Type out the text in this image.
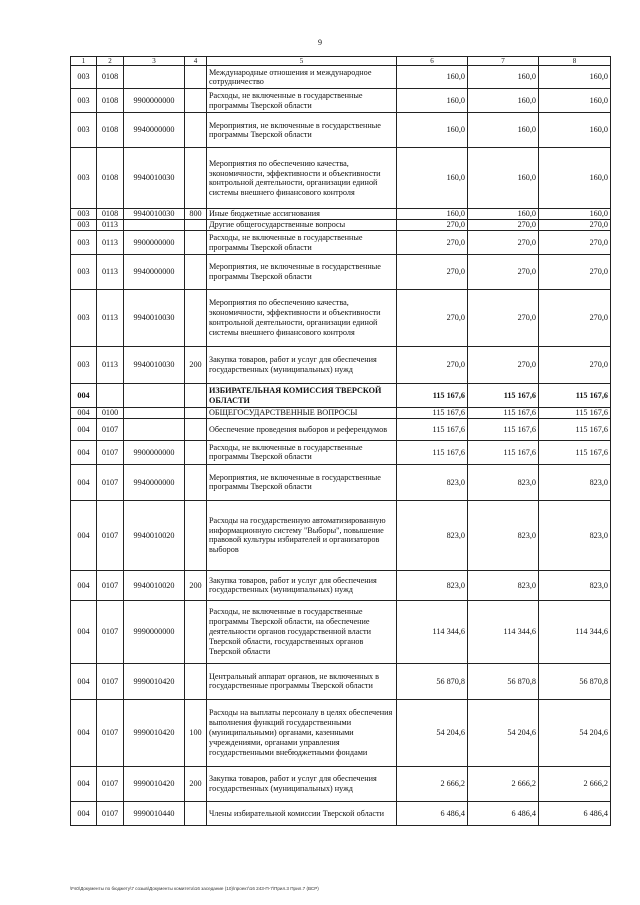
9
1	2	3	4	5	6	7	8
003	0108			Международные отношения и международное сотрудничество	160,0	160,0	160,0
003	0108	9900000000		Расходы, не включенные в государственные программы Тверской области	160,0	160,0	160,0
003	0108	9940000000		Мероприятия, не включенные в государственные программы Тверской области	160,0	160,0	160,0
003	0108	9940010030		Мероприятия по обеспечению качества, экономичности, эффективности и объективности контрольной деятельности, организации единой системы внешнего финансового контроля	160,0	160,0	160,0
003	0108	9940010030	800	Иные бюджетные ассигнования	160,0	160,0	160,0
003	0113			Другие общегосударственные вопросы	270,0	270,0	270,0
003	0113	9900000000		Расходы, не включенные в государственные программы Тверской области	270,0	270,0	270,0
003	0113	9940000000		Мероприятия, не включенные в государственные программы Тверской области	270,0	270,0	270,0
003	0113	9940010030		Мероприятия по обеспечению качества, экономичности, эффективности и объективности контрольной деятельности, организации единой системы внешнего финансового контроля	270,0	270,0	270,0
003	0113	9940010030	200	Закупка товаров, работ и услуг для обеспечения государственных (муниципальных) нужд	270,0	270,0	270,0
004				ИЗБИРАТЕЛЬНАЯ КОМИССИЯ ТВЕРСКОЙ ОБЛАСТИ	115 167,6	115 167,6	115 167,6
004	0100			ОБЩЕГОСУДАРСТВЕННЫЕ ВОПРОСЫ	115 167,6	115 167,6	115 167,6
004	0107			Обеспечение проведения выборов и референдумов	115 167,6	115 167,6	115 167,6
004	0107	9900000000		Расходы, не включенные в государственные программы Тверской области	115 167,6	115 167,6	115 167,6
004	0107	9940000000		Мероприятия, не включенные в государственные программы Тверской области	823,0	823,0	823,0
004	0107	9940010020		Расходы на государственную автоматизированную информационную систему "Выборы", повышение правовой культуры избирателей и организаторов выборов	823,0	823,0	823,0
004	0107	9940010020	200	Закупка товаров, работ и услуг для обеспечения государственных (муниципальных) нужд	823,0	823,0	823,0
004	0107	9990000000		Расходы, не включенные в государственные программы Тверской области, на обеспечение деятельности органов государственной власти Тверской области, государственных органов Тверской области	114 344,6	114 344,6	114 344,6
004	0107	9990010420		Центральный аппарат органов, не включенных в государственные программы Тверской области	56 870,8	56 870,8	56 870,8
004	0107	9990010420	100	Расходы на выплаты персоналу в целях обеспечения выполнения функций государственными (муниципальными) органами, казенными учреждениями, органами управления государственными внебюджетными фондами	54 204,6	54 204,6	54 204,6
004	0107	9990010420	200	Закупка товаров, работ и услуг для обеспечения государственных (муниципальных) нужд	2 666,2	2 666,2	2 666,2
004	0107	9990010440		Члены избирательной комиссии Тверской области	6 486,4	6 486,4	6 486,4
\Fs0\Документы по бюджету\7 созыв\Документы комитета\16 заседание (10)\проект\16 243-П-7\Прил.3 Прил.7 (ВСР)
